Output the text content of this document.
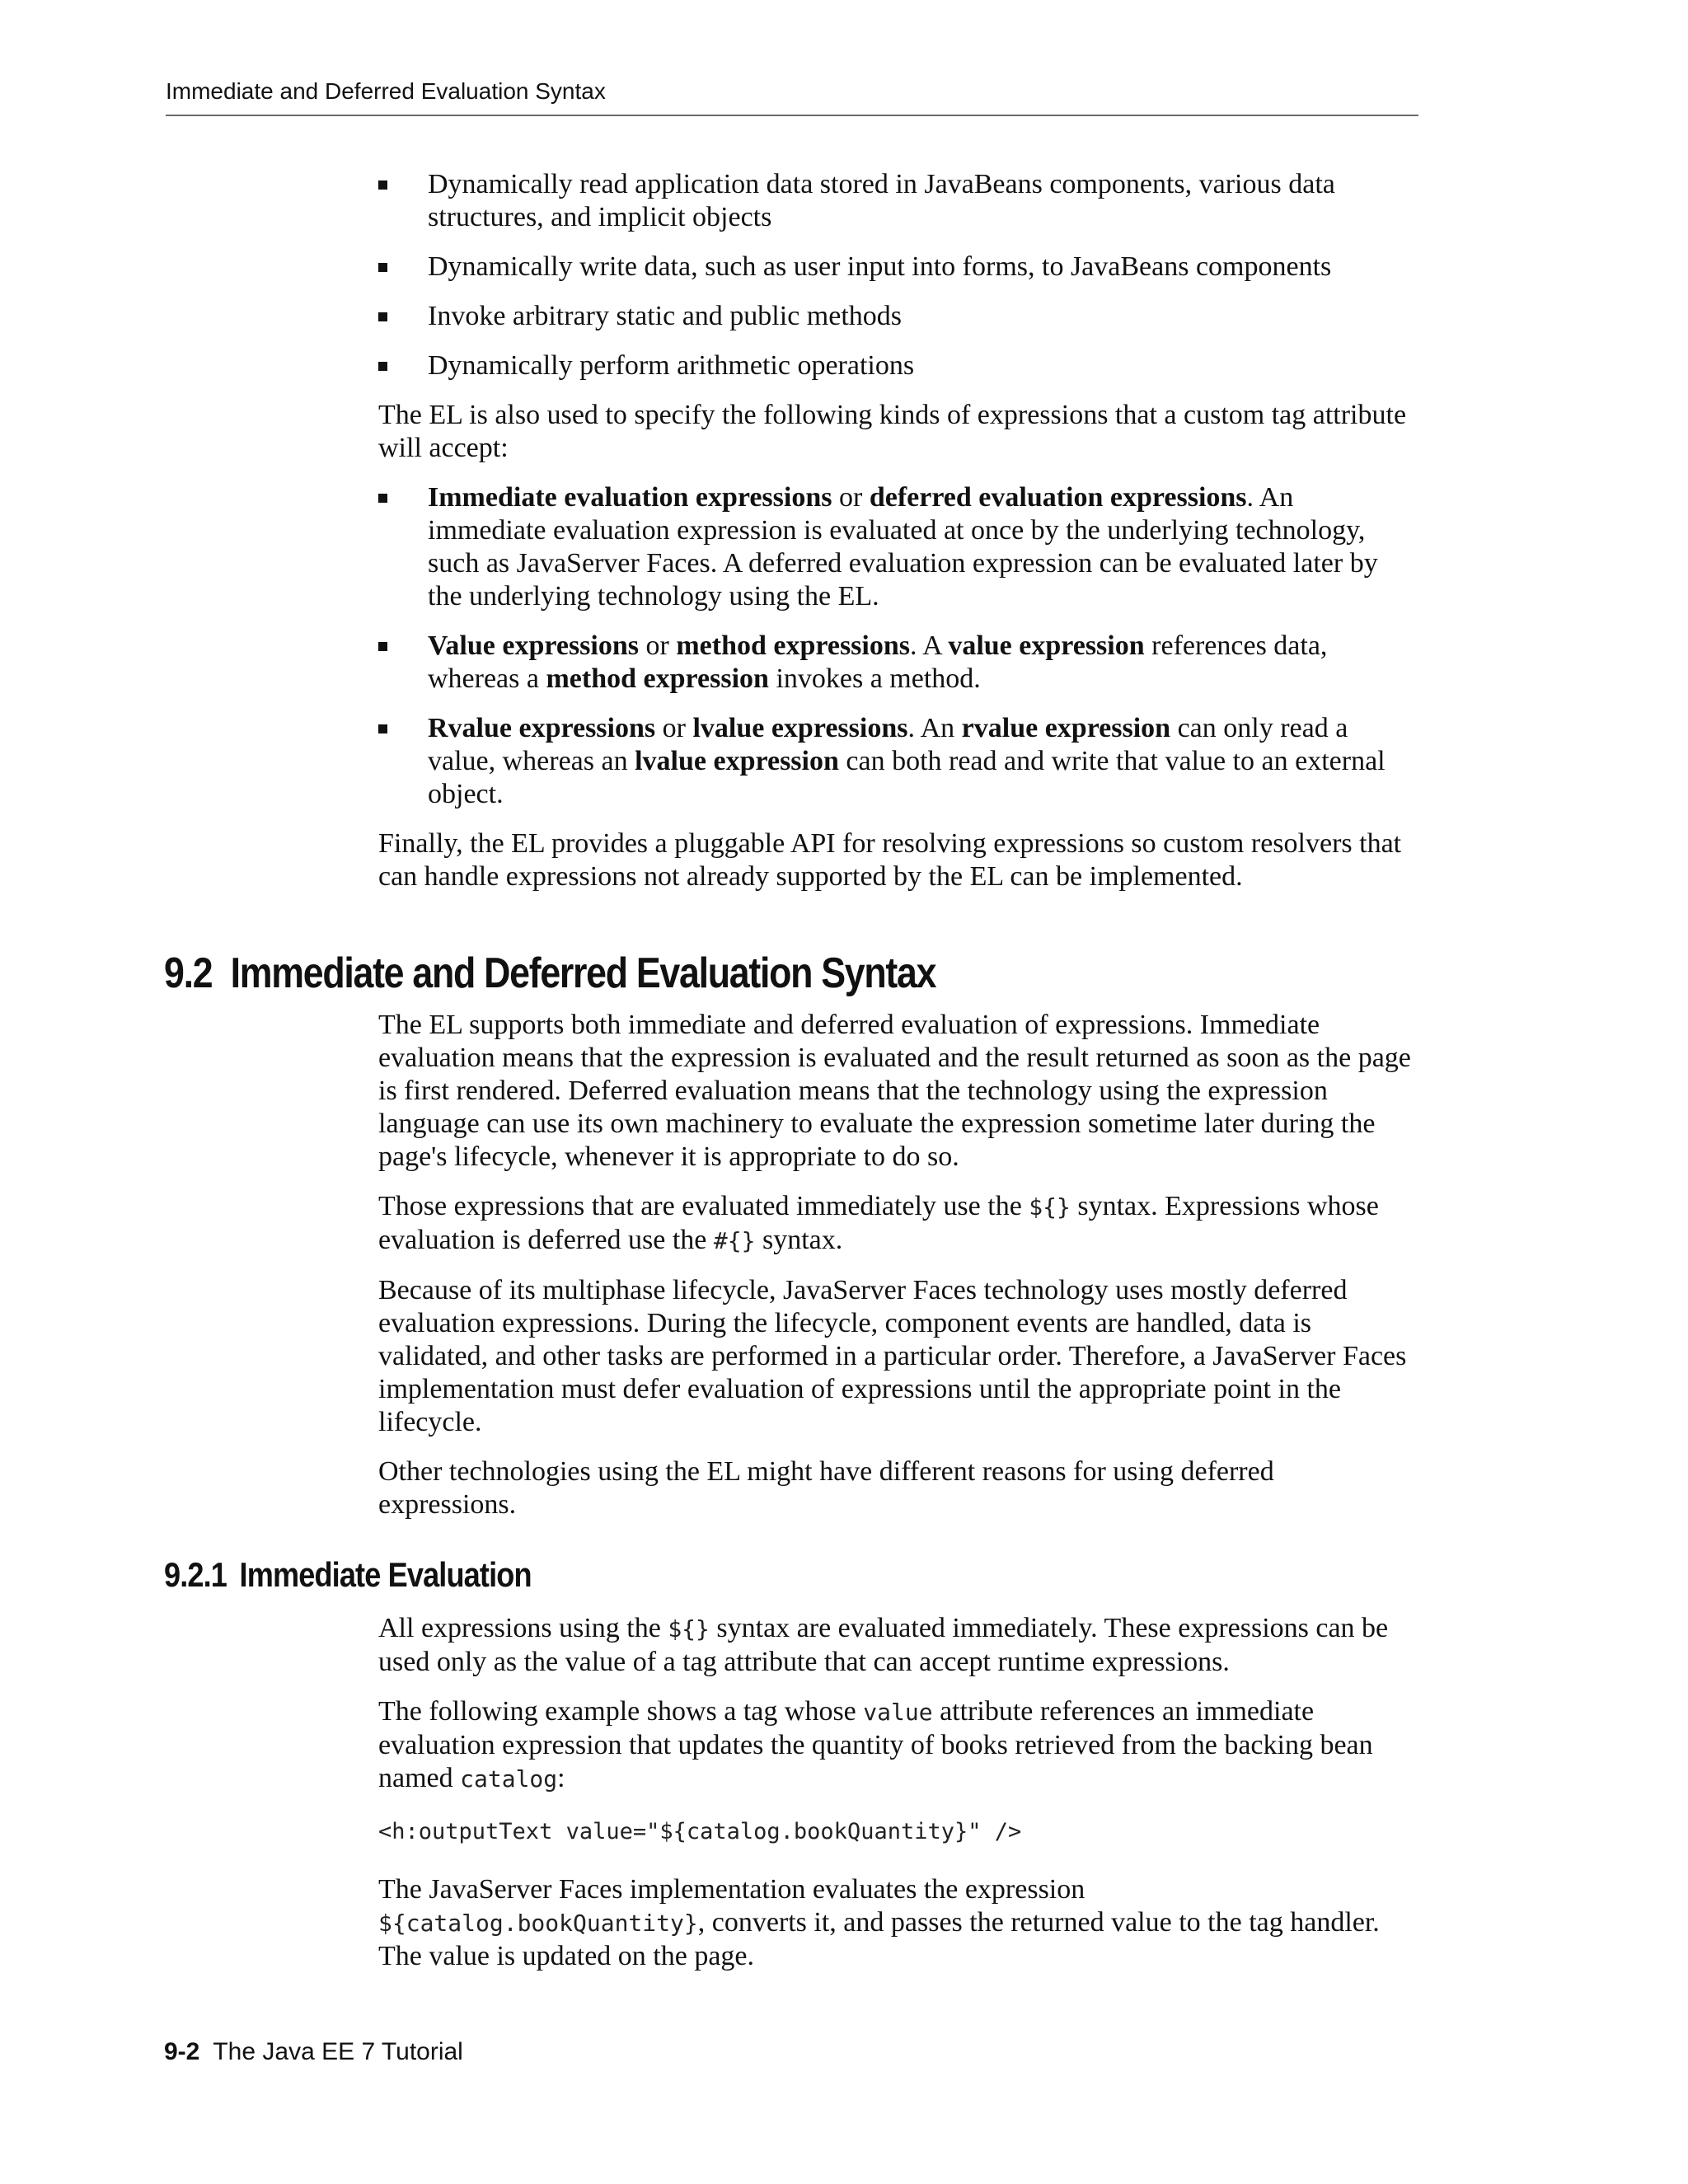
Immediate and Deferred Evaluation Syntax
Dynamically read application data stored in JavaBeans components, various data structures, and implicit objects
Dynamically write data, such as user input into forms, to JavaBeans components
Invoke arbitrary static and public methods
Dynamically perform arithmetic operations

The EL is also used to specify the following kinds of expressions that a custom tag attribute will accept:

Immediate evaluation expressions or deferred evaluation expressions. An immediate evaluation expression is evaluated at once by the underlying technology, such as JavaServer Faces. A deferred evaluation expression can be evaluated later by the underlying technology using the EL.
Value expressions or method expressions. A value expression references data, whereas a method expression invokes a method.
Rvalue expressions or lvalue expressions. An rvalue expression can only read a value, whereas an lvalue expression can both read and write that value to an external object.

Finally, the EL provides a pluggable API for resolving expressions so custom resolvers that can handle expressions not already supported by the EL can be implemented.

9.2 Immediate and Deferred Evaluation Syntax

The EL supports both immediate and deferred evaluation of expressions. Immediate evaluation means that the expression is evaluated and the result returned as soon as the page is first rendered. Deferred evaluation means that the technology using the expression language can use its own machinery to evaluate the expression sometime later during the page's lifecycle, whenever it is appropriate to do so.

Those expressions that are evaluated immediately use the ${} syntax. Expressions whose evaluation is deferred use the #{} syntax.

Because of its multiphase lifecycle, JavaServer Faces technology uses mostly deferred evaluation expressions. During the lifecycle, component events are handled, data is validated, and other tasks are performed in a particular order. Therefore, a JavaServer Faces implementation must defer evaluation of expressions until the appropriate point in the lifecycle.

Other technologies using the EL might have different reasons for using deferred expressions.

9.2.1 Immediate Evaluation

All expressions using the ${} syntax are evaluated immediately. These expressions can be used only as the value of a tag attribute that can accept runtime expressions.

The following example shows a tag whose value attribute references an immediate evaluation expression that updates the quantity of books retrieved from the backing bean named catalog:

<h:outputText value="${catalog.bookQuantity}" />

The JavaServer Faces implementation evaluates the expression ${catalog.bookQuantity}, converts it, and passes the returned value to the tag handler. The value is updated on the page.

9-2 The Java EE 7 Tutorial
